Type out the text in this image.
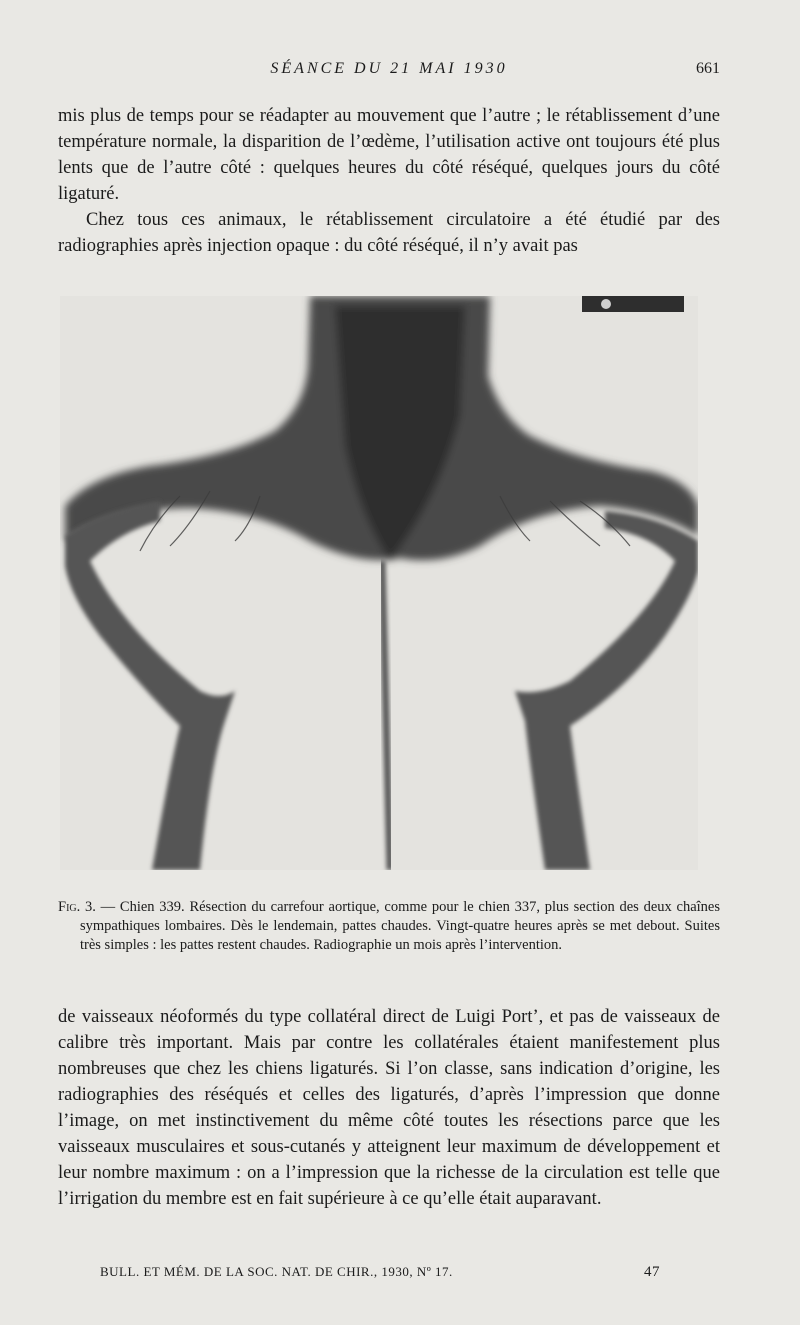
SÉANCE DU 21 MAI 1930	661

mis plus de temps pour se réadapter au mouvement que l’autre ; le rétablissement d’une température normale, la disparition de l’œdème, l’utilisation active ont toujours été plus lents que de l’autre côté : quelques heures du côté réséqué, quelques jours du côté ligaturé.

Chez tous ces animaux, le rétablissement circulatoire a été étudié par des radiographies après injection opaque : du côté réséqué, il n’y avait pas

Fig. 3. — Chien 339. Résection du carrefour aortique, comme pour le chien 337, plus section des deux chaînes sympathiques lombaires. Dès le lendemain, pattes chaudes. Vingt-quatre heures après se met debout. Suites très simples : les pattes restent chaudes. Radiographie un mois après l’intervention.

de vaisseaux néoformés du type collatéral direct de Luigi Port’, et pas de vaisseaux de calibre très important. Mais par contre les collatérales étaient manifestement plus nombreuses que chez les chiens ligaturés. Si l’on classe, sans indication d’origine, les radiographies des réséqués et celles des ligaturés, d’après l’impression que donne l’image, on met instinctivement du même côté toutes les résections parce que les vaisseaux musculaires et sous-cutanés y atteignent leur maximum de développement et leur nombre maximum : on a l’impression que la richesse de la circulation est telle que l’irrigation du membre est en fait supérieure à ce qu’elle était auparavant.

BULL. ET MÉM. DE LA SOC. NAT. DE CHIR., 1930, Nº 17.	47
